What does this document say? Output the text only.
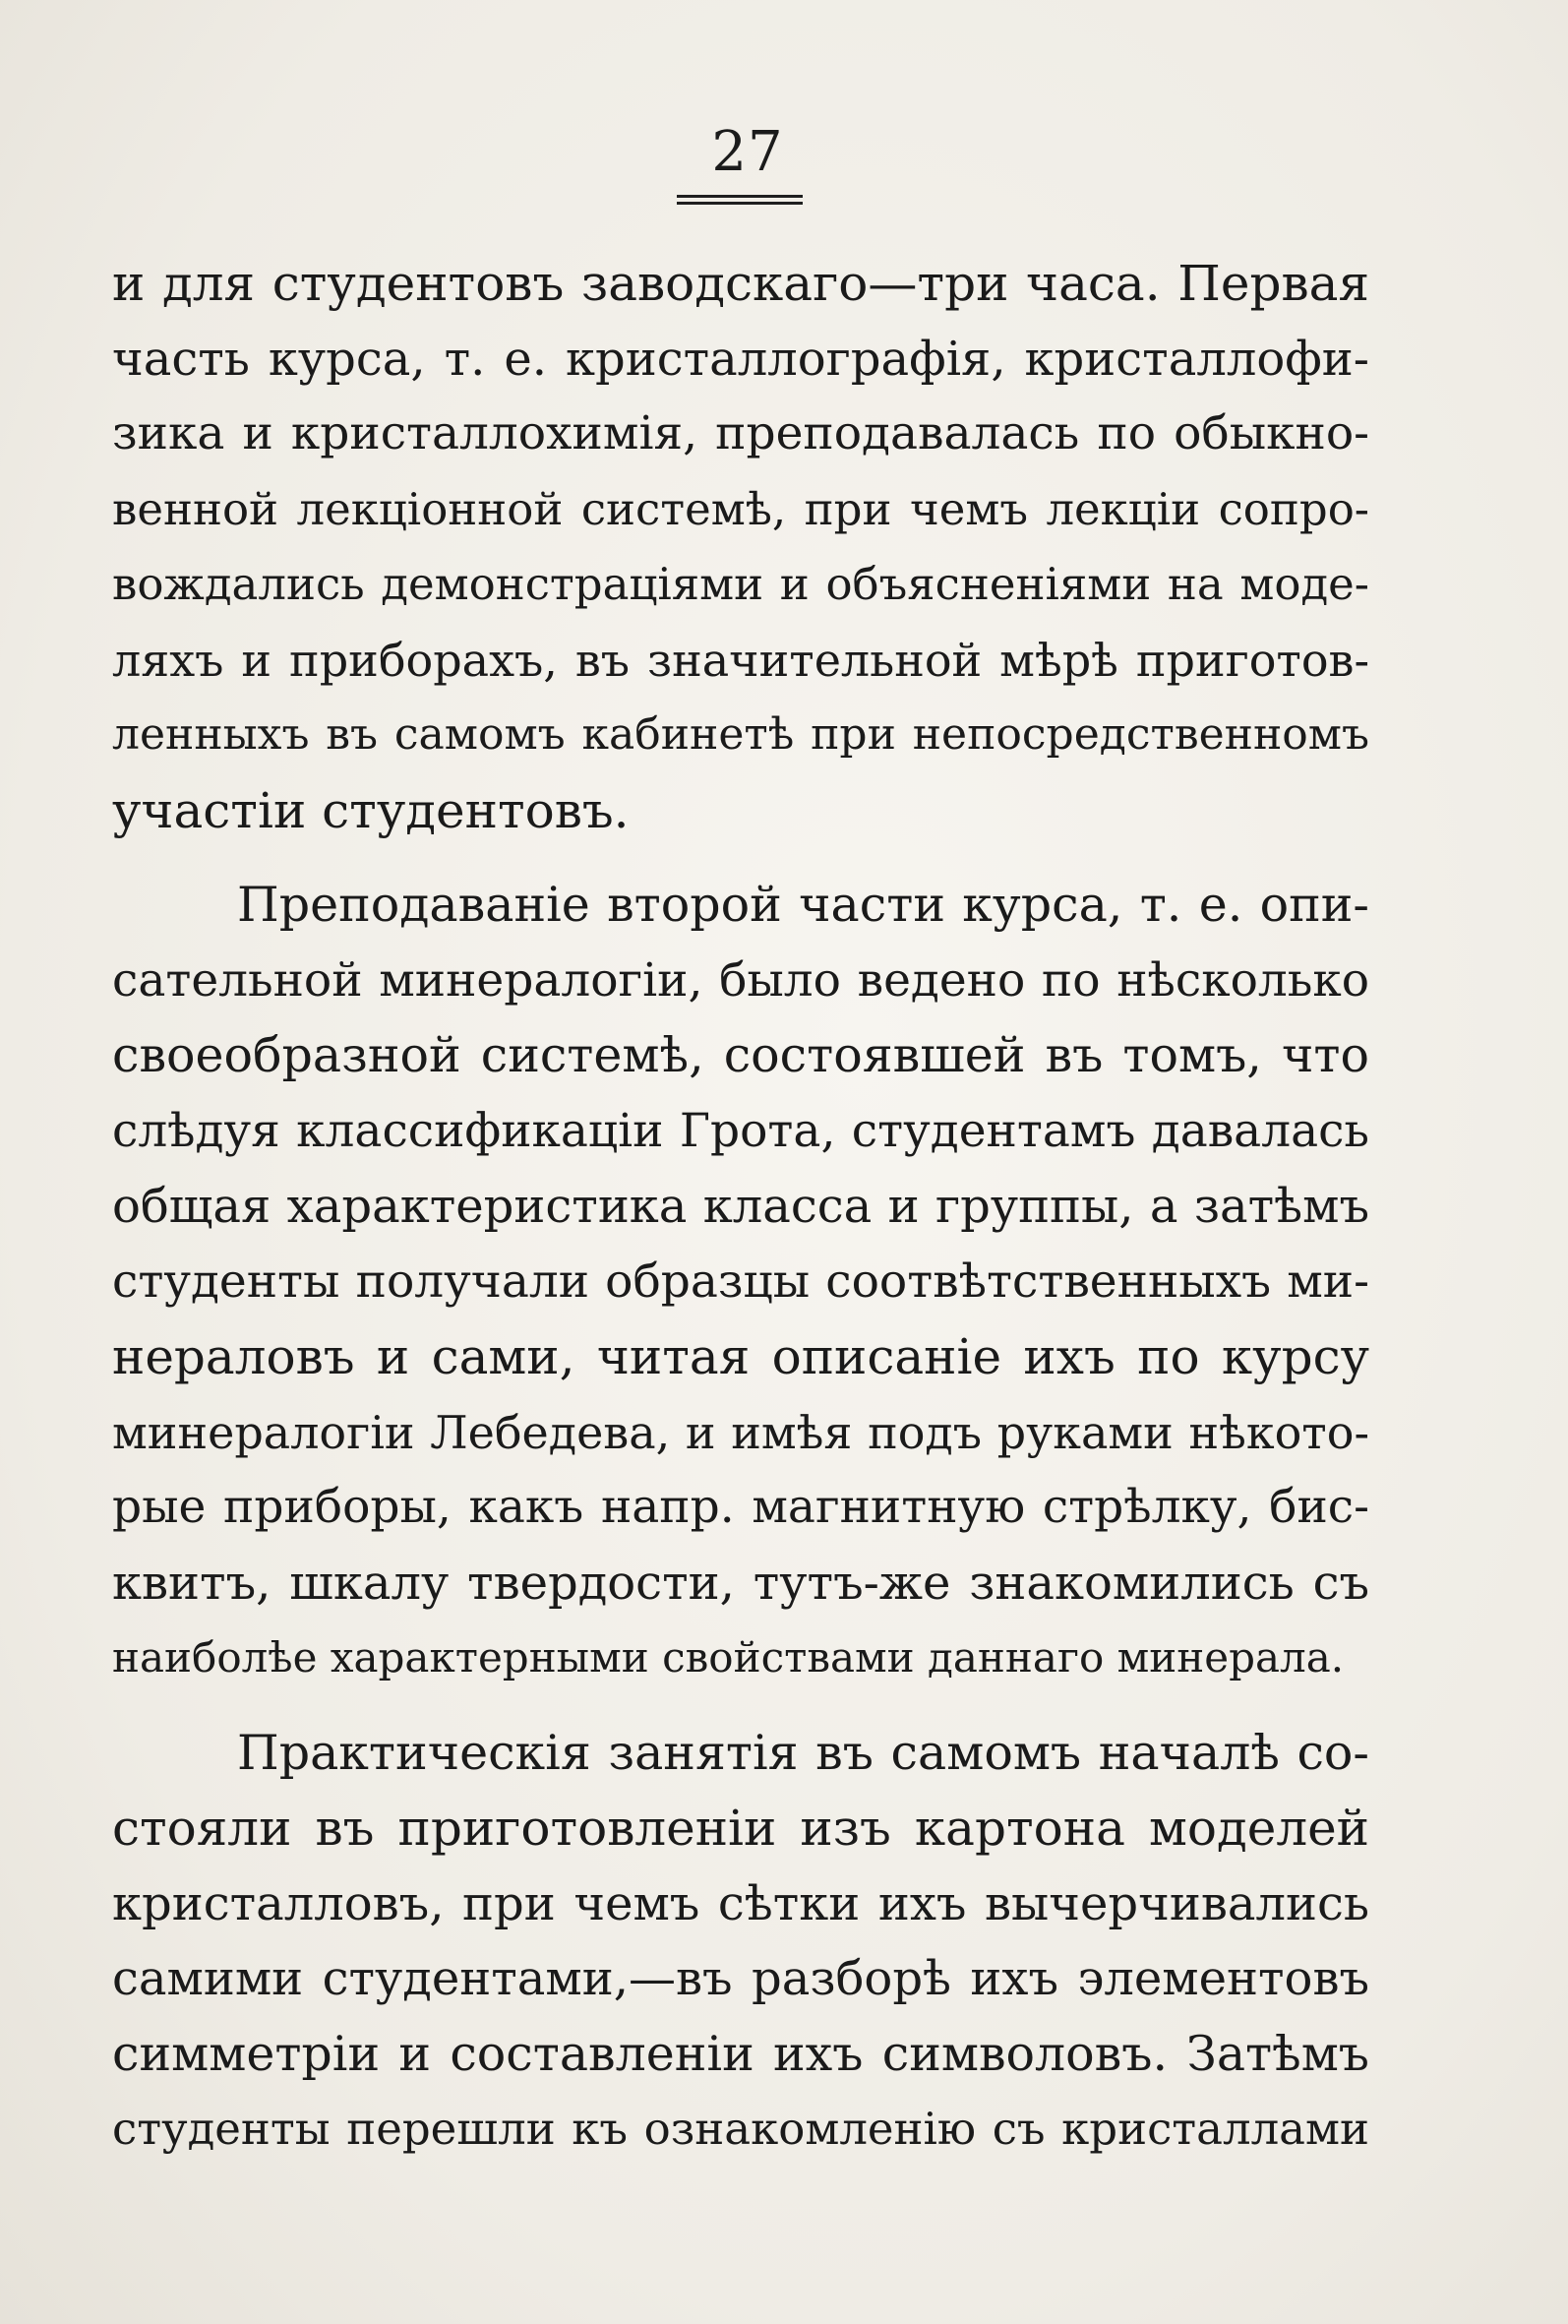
27
и для студентовъ заводскаго—три часа. Первая
часть курса, т. е. кристаллографія, кристаллофи-
зика и кристаллохимія, преподавалась по обыкно-
венной лекціонной системѣ, при чемъ лекціи сопро-
вождались демонстраціями и объясненіями на моде-
ляхъ и приборахъ, въ значительной мѣрѣ приготов-
ленныхъ въ самомъ кабинетѣ при непосредственномъ
участіи студентовъ.
Преподаваніе второй части курса, т. е. опи-
сательной минералогіи, было ведено по нѣсколько
своеобразной системѣ, состоявшей въ томъ, что
слѣдуя классификаціи Грота, студентамъ давалась
общая характеристика класса и группы, а затѣмъ
студенты получали образцы соотвѣтственныхъ ми-
нераловъ и сами, читая описаніе ихъ по курсу
минералогіи Лебедева, и имѣя подъ руками нѣкото-
рые приборы, какъ напр. магнитную стрѣлку, бис-
квитъ, шкалу твердости, тутъ-же знакомились съ
наиболѣе характерными свойствами даннаго минерала.
Практическія занятія въ самомъ началѣ со-
стояли въ приготовленіи изъ картона моделей
кристалловъ, при чемъ сѣтки ихъ вычерчивались
самими студентами,—въ разборѣ ихъ элементовъ
симметріи и составленіи ихъ символовъ. Затѣмъ
студенты перешли къ ознакомленію съ кристаллами
